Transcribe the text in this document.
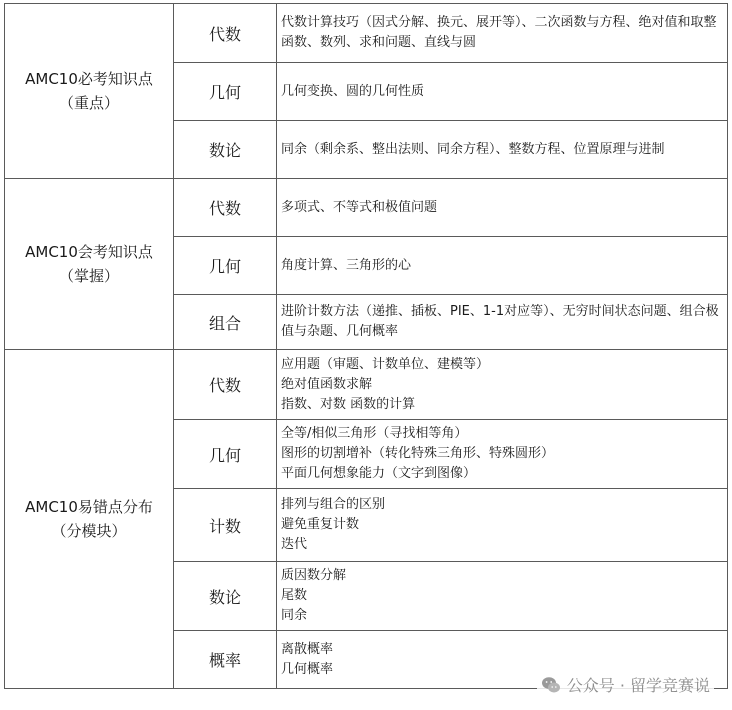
AMC10必考知识点
（重点）	代数	代数计算技巧（因式分解、换元、展开等）、二次函数与方程、绝对值和取整函数、数列、求和问题、直线与圆

	几何	几何变换、圆的几何性质

	数论	同余（剩余系、整出法则、同余方程）、整数方程、位置原理与进制

AMC10会考知识点
（掌握）	代数	多项式、不等式和极值问题

	几何	角度计算、三角形的心

	组合	进阶计数方法（递推、插板、PIE、1-1对应等）、无穷时间状态问题、组合极值与杂题、几何概率

AMC10易错点分布
（分模块）	代数	应用题（审题、计数单位、建模等）
绝对值函数求解
指数、对数 函数的计算

	几何	全等/相似三角形（寻找相等角）
图形的切割增补（转化特殊三角形、特殊圆形）
平面几何想象能力（文字到图像）

	计数	排列与组合的区别
避免重复计数
迭代

	数论	质因数分解
尾数
同余

	概率	离散概率
几何概率
公众号 · 留学竞赛说
